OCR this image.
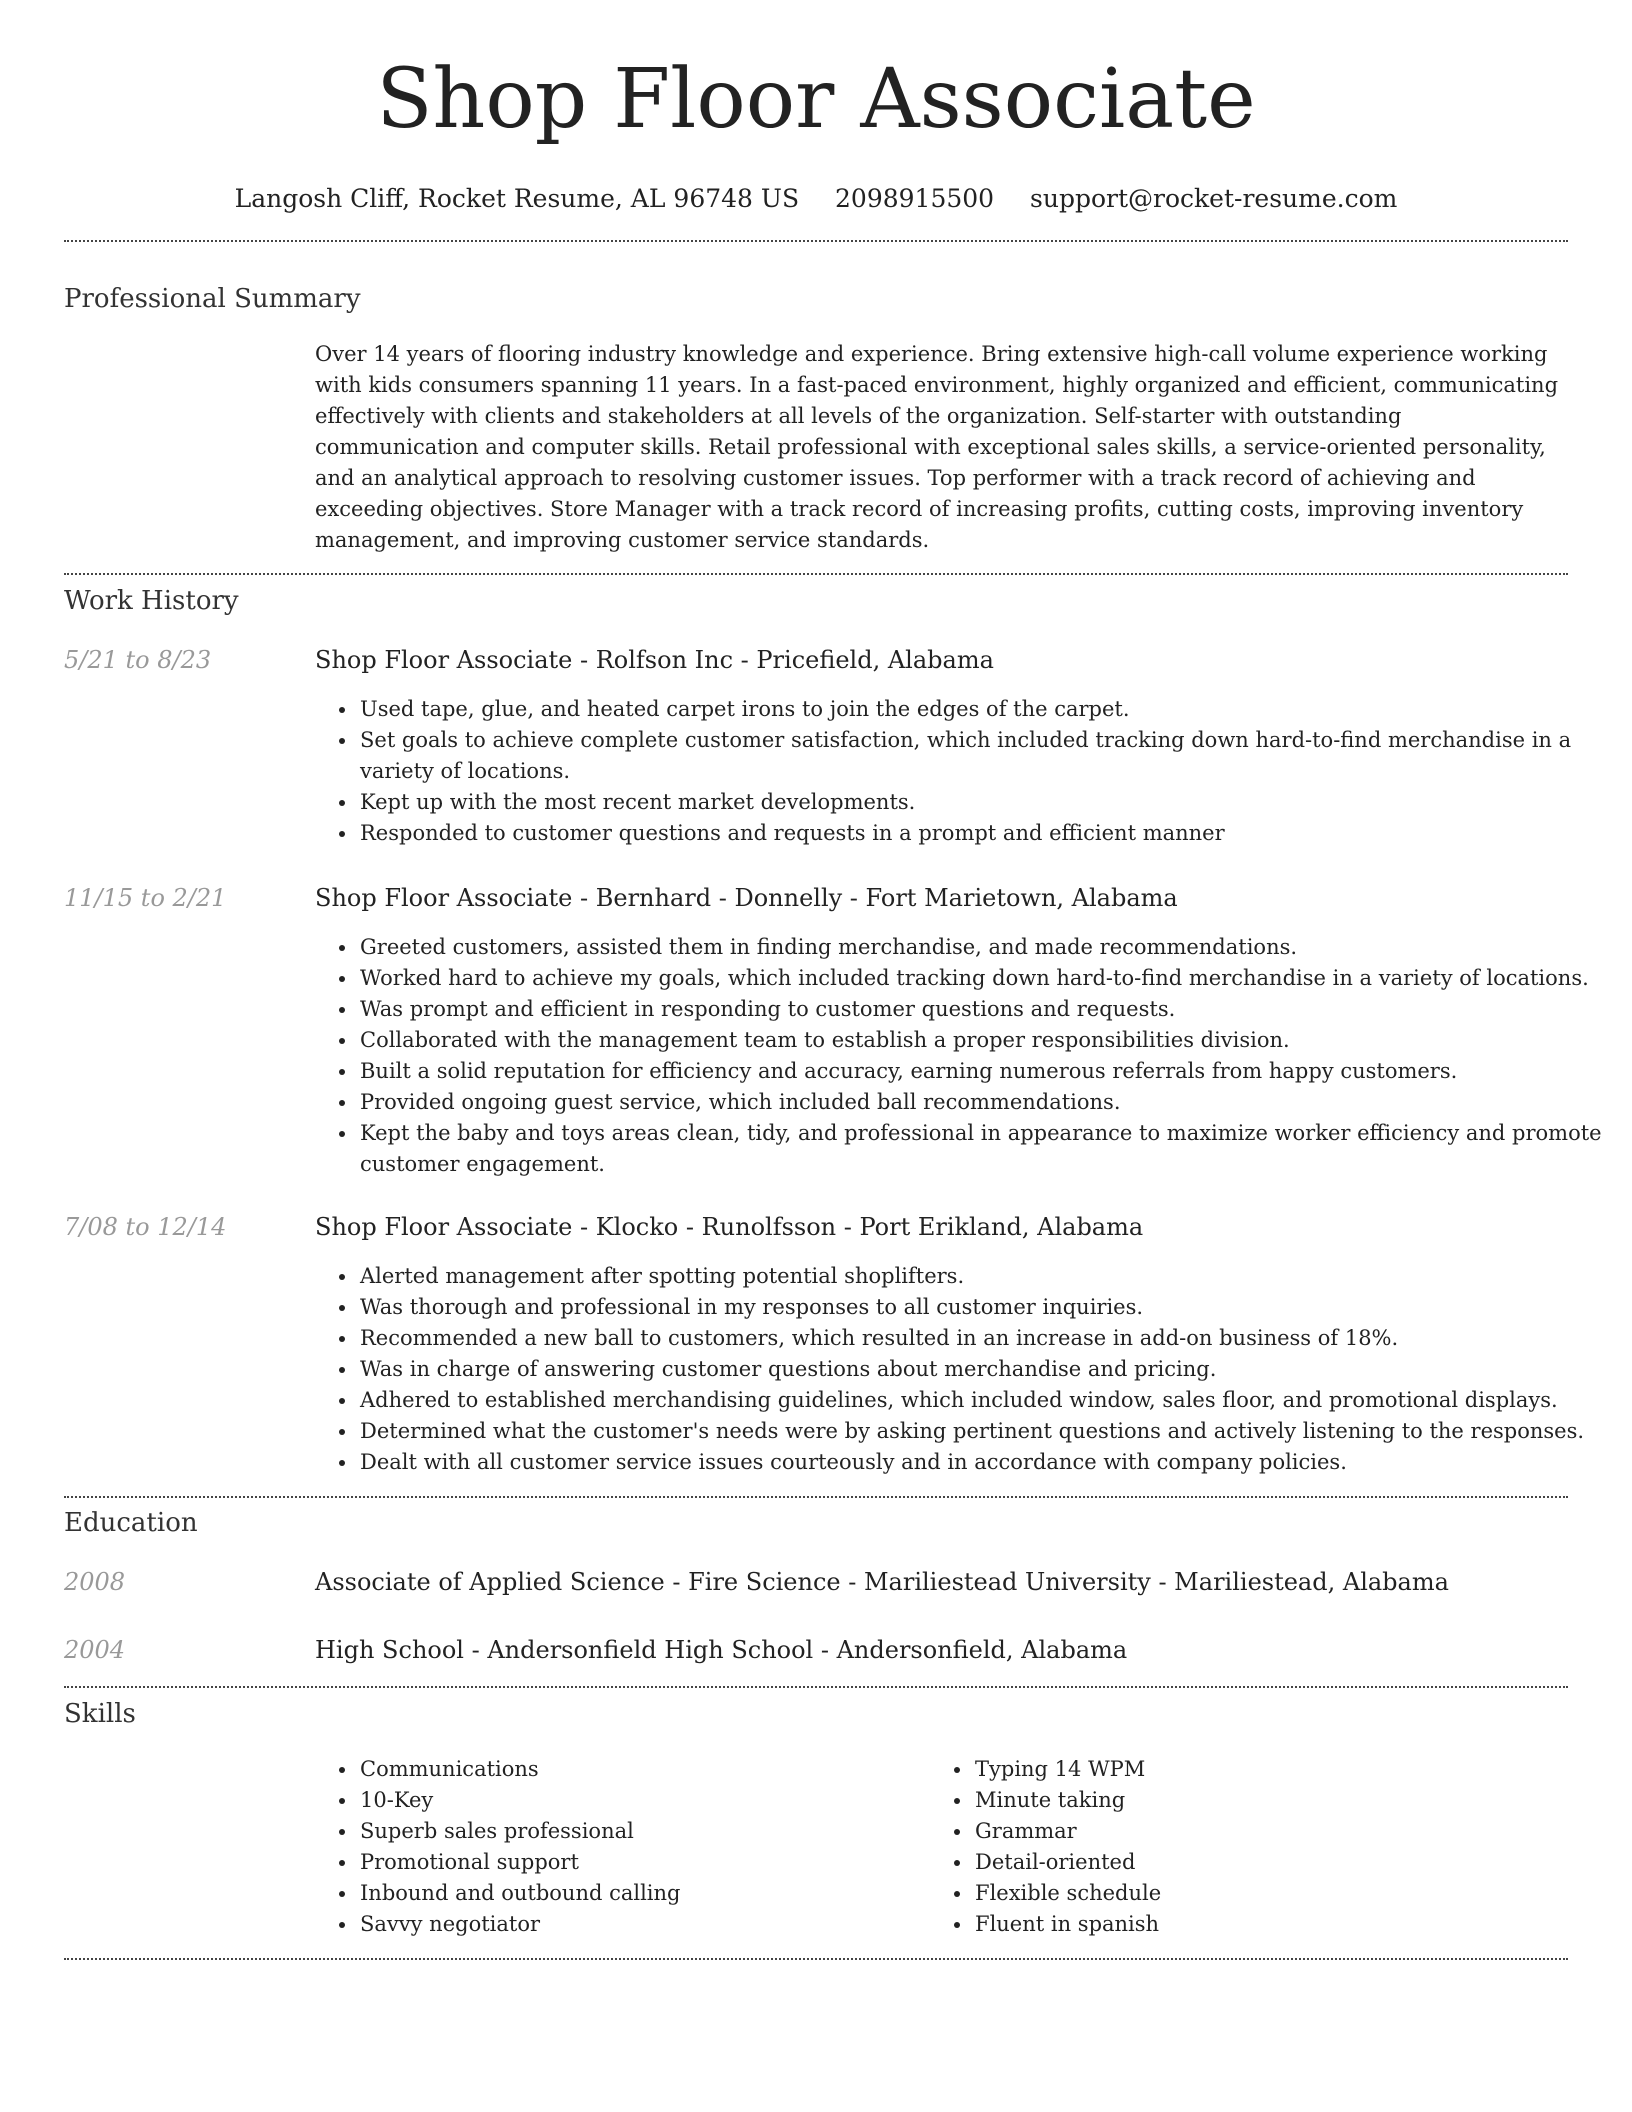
Shop Floor Associate
Langosh Cliff, Rocket Resume, AL 96748 US 2098915500 support@rocket-resume.com
Professional Summary
Over 14 years of flooring industry knowledge and experience. Bring extensive high-call volume experience working with kids consumers spanning 11 years. In a fast-paced environment, highly organized and efficient, communicating effectively with clients and stakeholders at all levels of the organization. Self-starter with outstanding communication and computer skills. Retail professional with exceptional sales skills, a service-oriented personality, and an analytical approach to resolving customer issues. Top performer with a track record of achieving and exceeding objectives. Store Manager with a track record of increasing profits, cutting costs, improving inventory management, and improving customer service standards.
Work History
5/21 to 8/23	Shop Floor Associate - Rolfson Inc - Pricefield, Alabama
• Used tape, glue, and heated carpet irons to join the edges of the carpet.
• Set goals to achieve complete customer satisfaction, which included tracking down hard-to-find merchandise in a variety of locations.
• Kept up with the most recent market developments.
• Responded to customer questions and requests in a prompt and efficient manner
11/15 to 2/21	Shop Floor Associate - Bernhard - Donnelly - Fort Marietown, Alabama
• Greeted customers, assisted them in finding merchandise, and made recommendations.
• Worked hard to achieve my goals, which included tracking down hard-to-find merchandise in a variety of locations.
• Was prompt and efficient in responding to customer questions and requests.
• Collaborated with the management team to establish a proper responsibilities division.
• Built a solid reputation for efficiency and accuracy, earning numerous referrals from happy customers.
• Provided ongoing guest service, which included ball recommendations.
• Kept the baby and toys areas clean, tidy, and professional in appearance to maximize worker efficiency and promote customer engagement.
7/08 to 12/14	Shop Floor Associate - Klocko - Runolfsson - Port Erikland, Alabama
• Alerted management after spotting potential shoplifters.
• Was thorough and professional in my responses to all customer inquiries.
• Recommended a new ball to customers, which resulted in an increase in add-on business of 18%.
• Was in charge of answering customer questions about merchandise and pricing.
• Adhered to established merchandising guidelines, which included window, sales floor, and promotional displays.
• Determined what the customer's needs were by asking pertinent questions and actively listening to the responses.
• Dealt with all customer service issues courteously and in accordance with company policies.
Education
2008	Associate of Applied Science - Fire Science - Mariliestead University - Mariliestead, Alabama
2004	High School - Andersonfield High School - Andersonfield, Alabama
Skills
• Communications
• 10-Key
• Superb sales professional
• Promotional support
• Inbound and outbound calling
• Savvy negotiator
• Typing 14 WPM
• Minute taking
• Grammar
• Detail-oriented
• Flexible schedule
• Fluent in spanish
